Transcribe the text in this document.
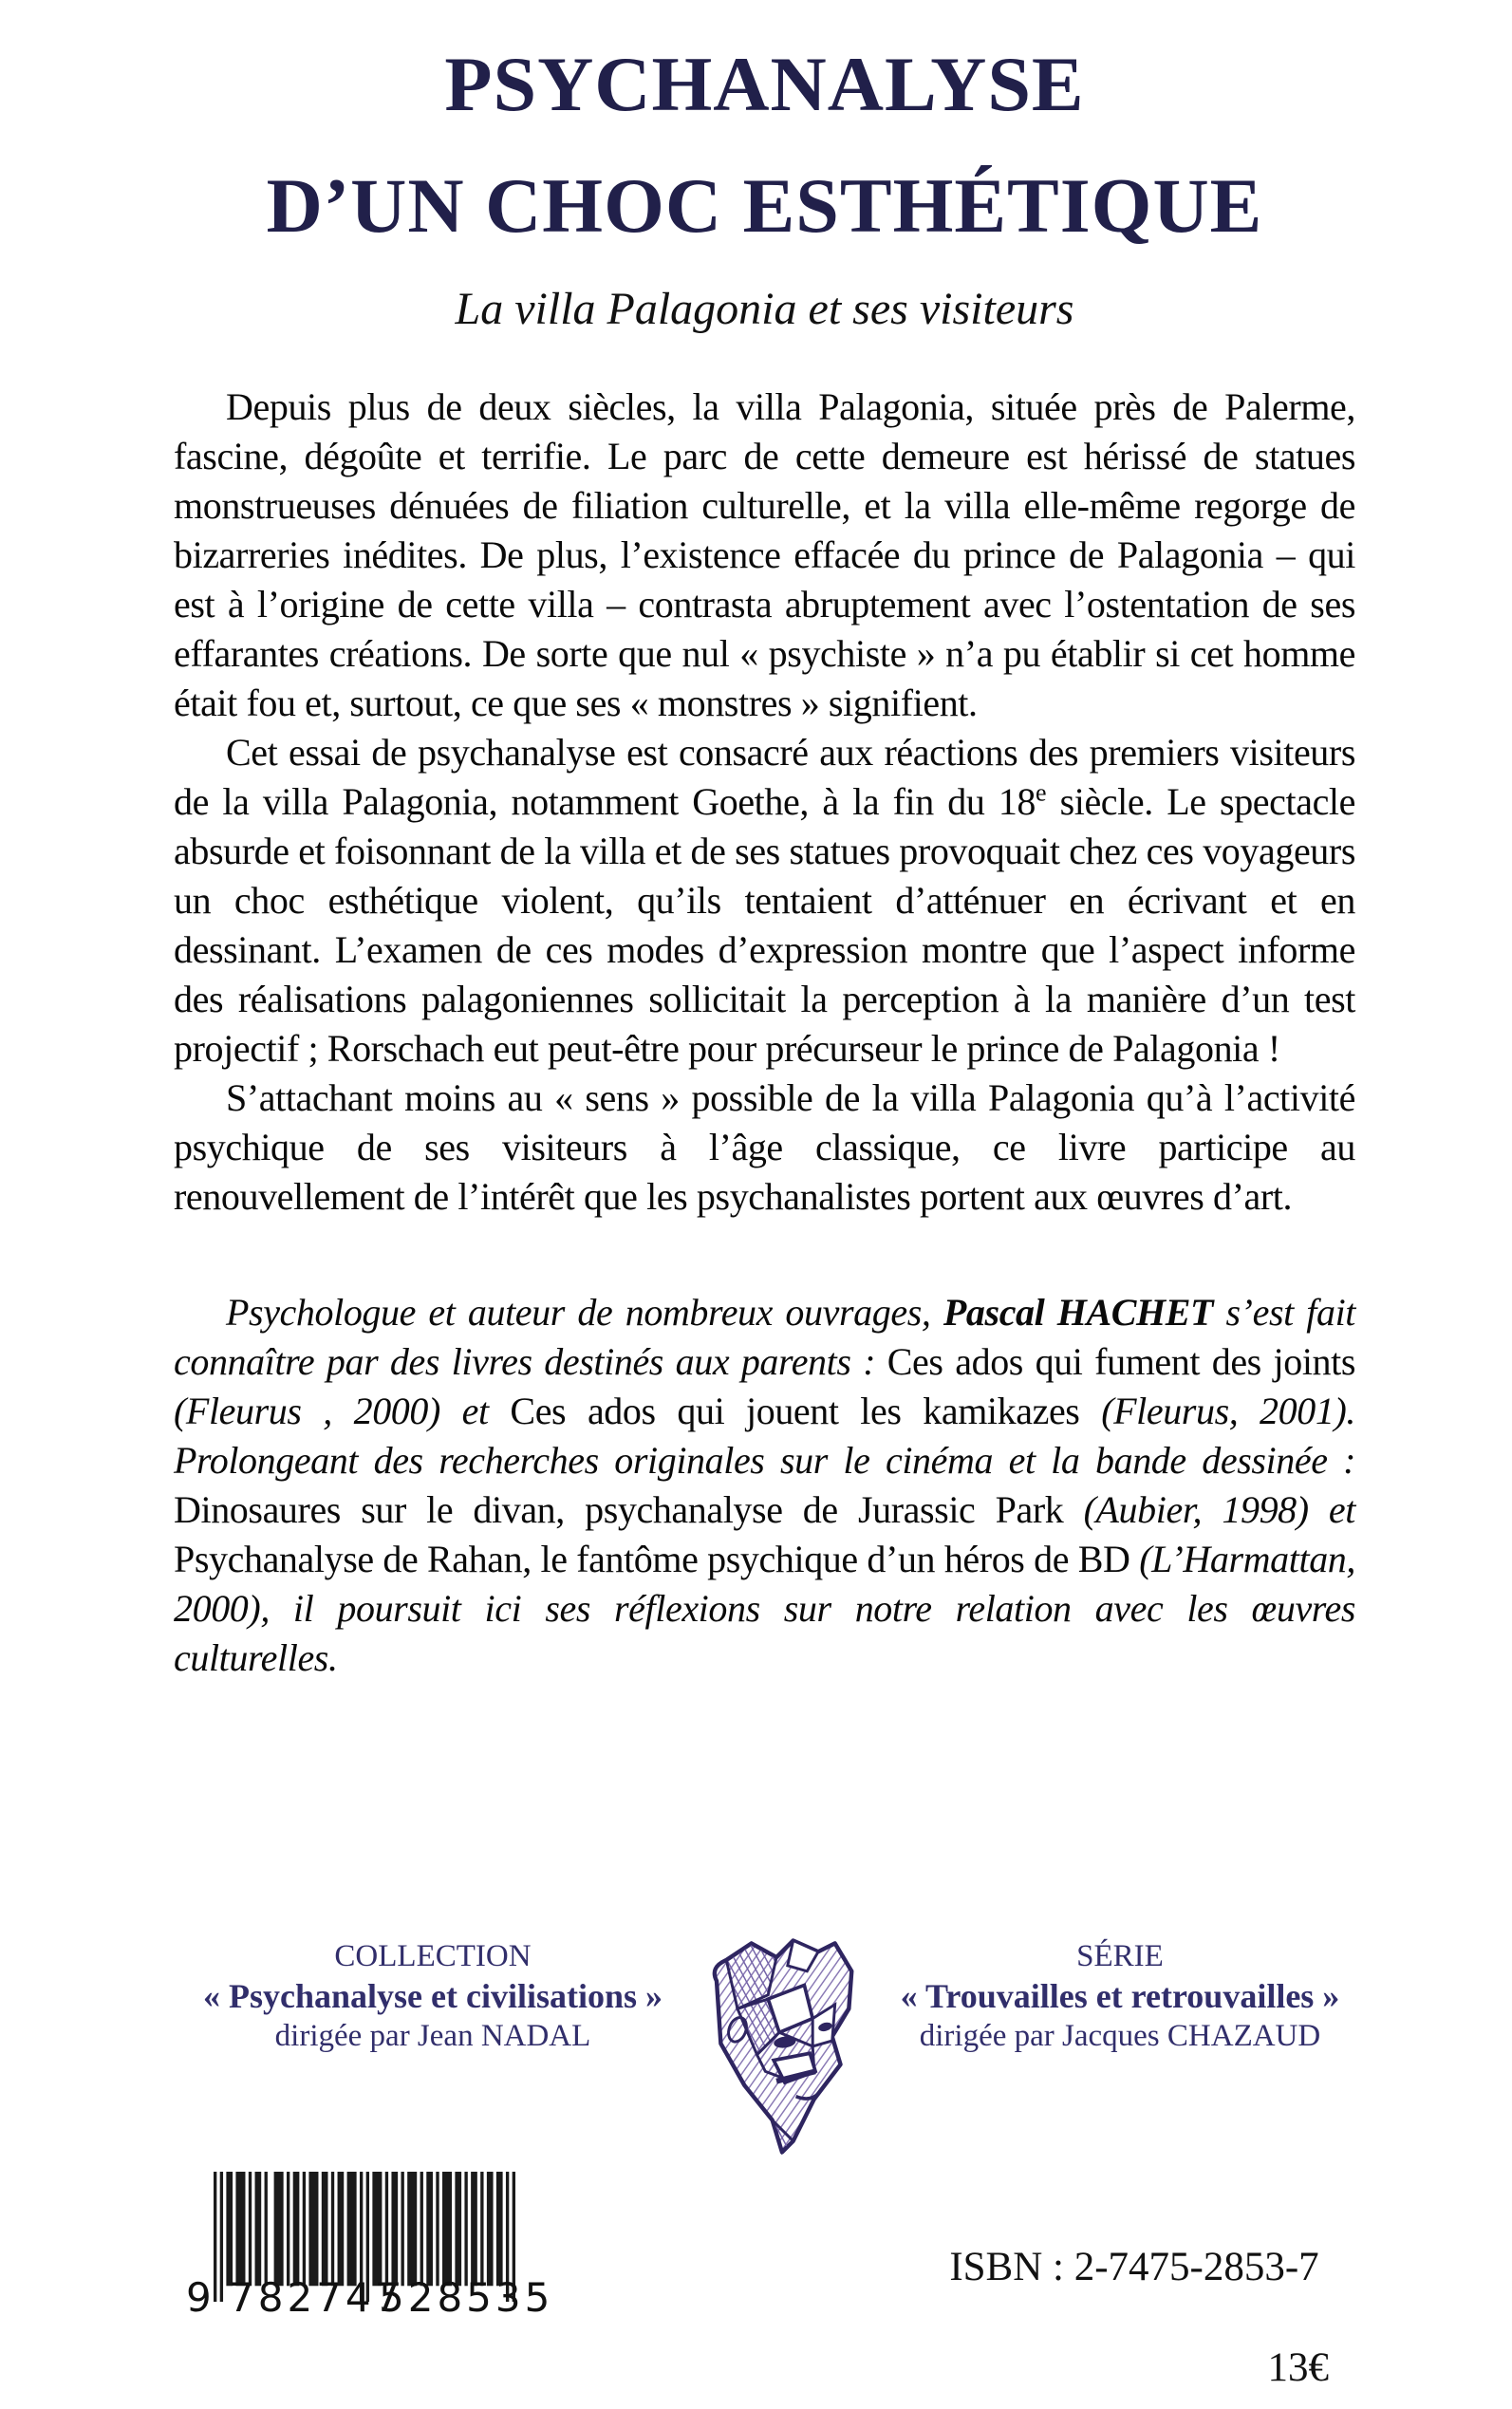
PSYCHANALYSE
D’UN CHOC ESTHÉTIQUE
La villa Palagonia et ses visiteurs

Depuis plus de deux siècles, la villa Palagonia, située près de Palerme, fascine, dégoûte et terrifie. Le parc de cette demeure est hérissé de statues monstrueuses dénuées de filiation culturelle, et la villa elle-même regorge de bizarreries inédites. De plus, l’existence effacée du prince de Palagonia – qui est à l’origine de cette villa – contrasta abruptement avec l’ostentation de ses effarantes créations. De sorte que nul « psychiste » n’a pu établir si cet homme était fou et, surtout, ce que ses « monstres » signifient.

Cet essai de psychanalyse est consacré aux réactions des premiers visiteurs de la villa Palagonia, notamment Goethe, à la fin du 18e siècle. Le spectacle absurde et foisonnant de la villa et de ses statues provoquait chez ces voyageurs un choc esthétique violent, qu’ils tentaient d’atténuer en écrivant et en dessinant. L’examen de ces modes d’expression montre que l’aspect informe des réalisations palagoniennes sollicitait la perception à la manière d’un test projectif ; Rorschach eut peut-être pour précurseur le prince de Palagonia !

S’attachant moins au « sens » possible de la villa Palagonia qu’à l’activité psychique de ses visiteurs à l’âge classique, ce livre participe au renouvellement de l’intérêt que les psychanalistes portent aux œuvres d’art.

Psychologue et auteur de nombreux ouvrages, Pascal HACHET s’est fait connaître par des livres destinés aux parents : Ces ados qui fument des joints (Fleurus , 2000) et Ces ados qui jouent les kamikazes (Fleurus, 2001). Prolongeant des recherches originales sur le cinéma et la bande dessinée : Dinosaures sur le divan, psychanalyse de Jurassic Park (Aubier, 1998) et Psychanalyse de Rahan, le fantôme psychique d’un héros de BD (L’Harmattan, 2000), il poursuit ici ses réflexions sur notre relation avec les œuvres culturelles.

COLLECTION
« Psychanalyse et civilisations »
dirigée par Jean NADAL
SÉRIE
« Trouvailles et retrouvailles »
dirigée par Jacques CHAZAUD
9 782747
528535
ISBN : 2-7475-2853-7
13€
